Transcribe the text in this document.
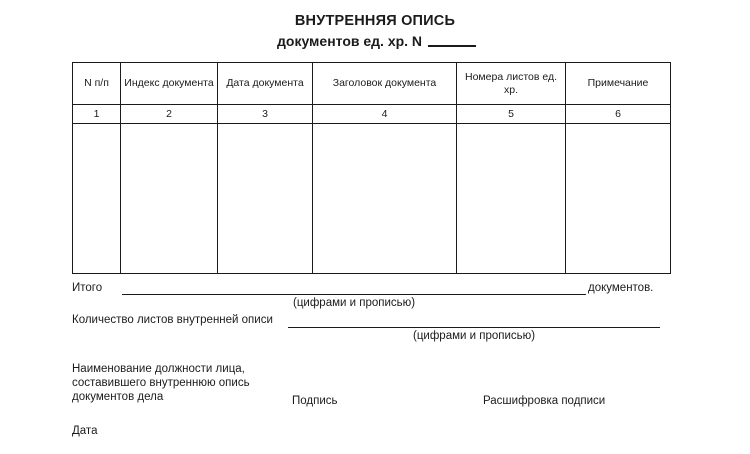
ВНУТРЕННЯЯ ОПИСЬ
документов ед. хр. N
N п/п	Индекс документа	Дата документа	Заголовок документа	Номера листов ед. хр.	Примечание
1	2	3	4	5	6

Итого	документов.
(цифрами и прописью)
Количество листов внутренней описи
(цифрами и прописью)
Наименование должности лица,
составившего внутреннюю опись
документов дела	Подпись	Расшифровка подписи
Дата
